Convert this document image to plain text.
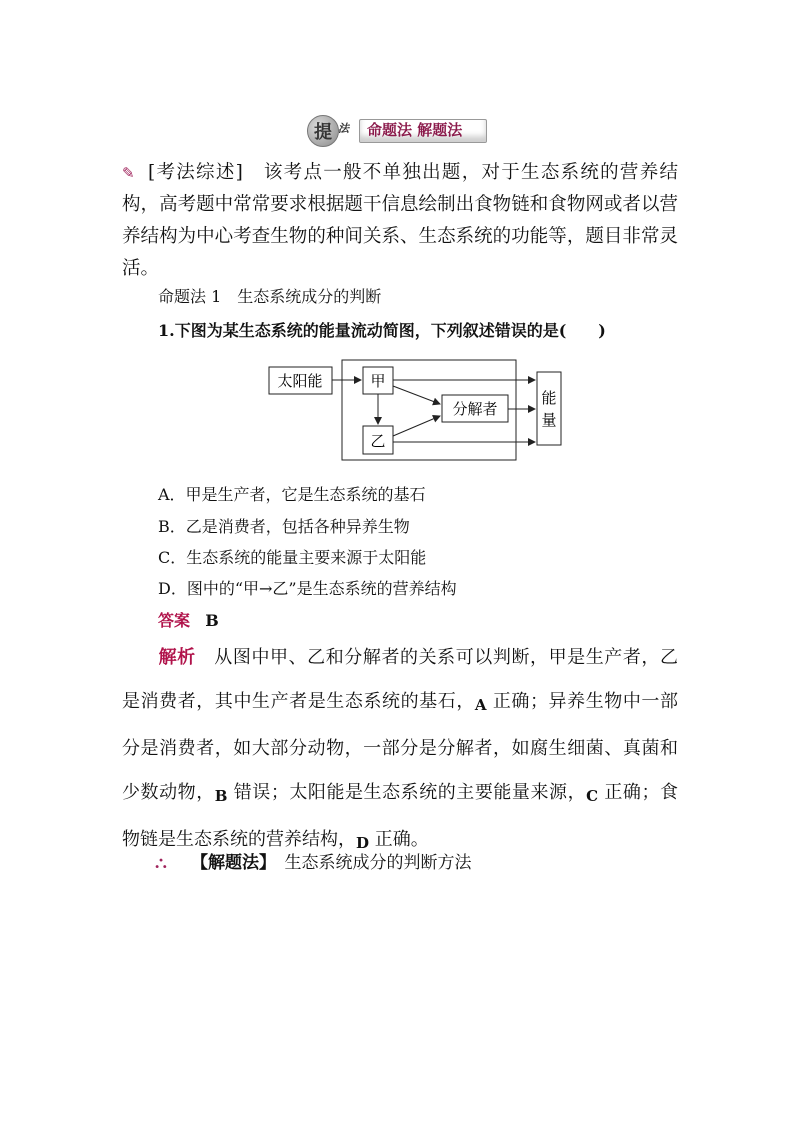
提 法 命题法 解题法
✎ [考法综述]　 该考点一般不单独出题，对于生态系统的营养结构，高考题中常常要求根据题干信息绘制出食物链和食物网或者以营养结构为中心考查生物的种间关系、生态系统的功能等，题目非常灵活。
命题法 1　生态系统成分的判断
1.下图为某生态系统的能量流动简图，下列叙述错误的是(　　)
太阳能	甲
乙
分解者
能
量
A．甲是生产者，它是生态系统的基石
B．乙是消费者，包括各种异养生物
C．生态系统的能量主要来源于太阳能
D．图中的“甲→乙”是生态系统的营养结构
答案 B
解析　 从图中甲、乙和分解者的关系可以判断，甲是生产者，乙是消费者，其中生产者是生态系统的基石，A 正确；异养生物中一部分是消费者，如大部分动物，一部分是分解者，如腐生细菌、真菌和少数动物，B 错误；太阳能是生态系统的主要能量来源，C 正确；食物链是生态系统的营养结构，D 正确。
⛬ 【解题法】　 生态系统成分的判断方法
